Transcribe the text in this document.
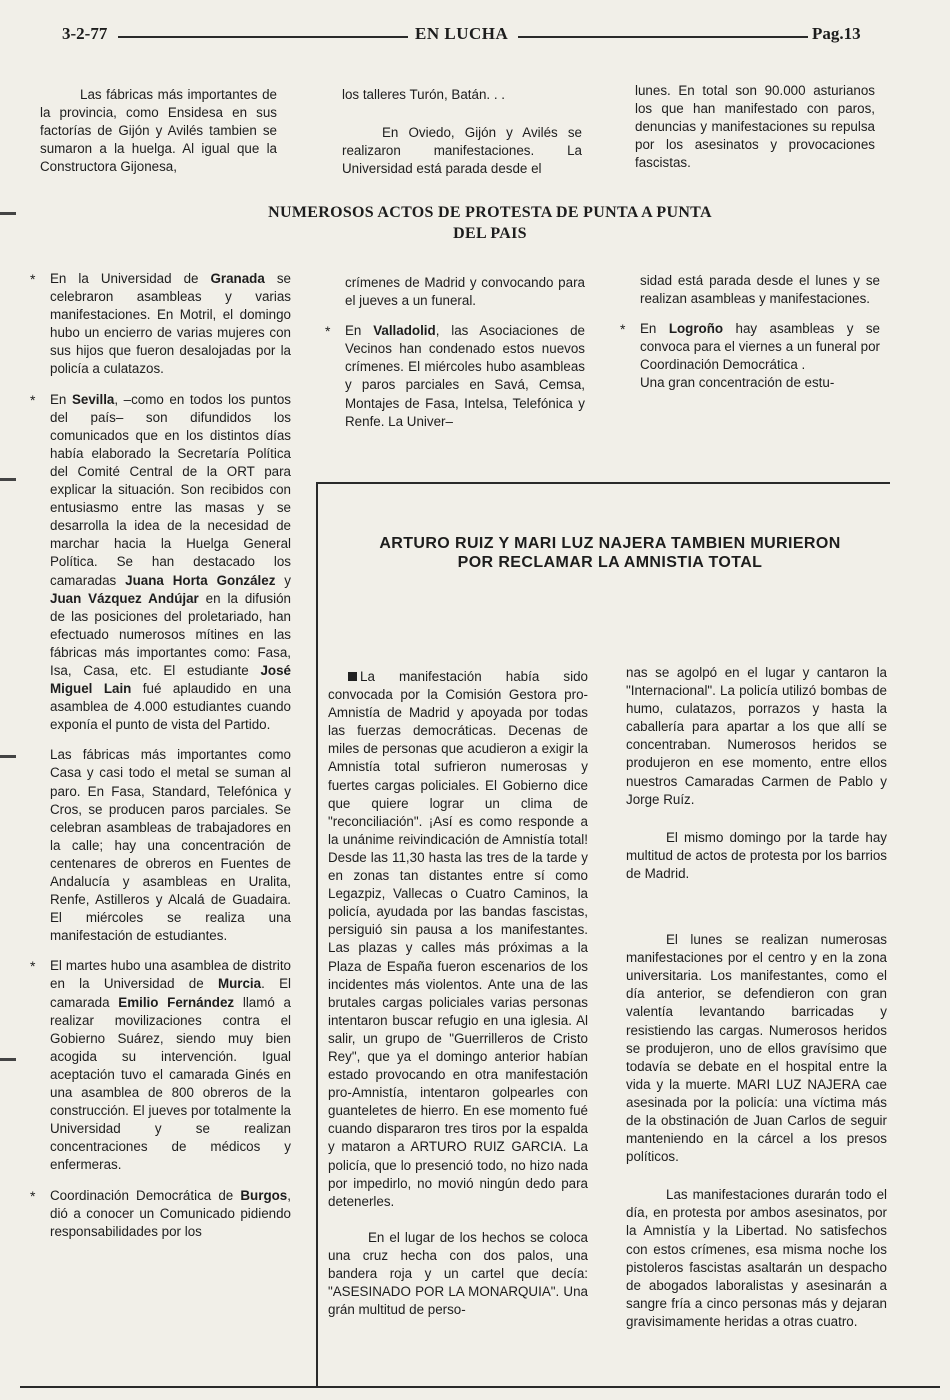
3-2-77	EN LUCHA	Pag.13

Las fábricas más importantes de la provincia, como Ensidesa en sus factorías de Gijón y Avilés tambien se sumaron a la huelga. Al igual que la Constructora Gijonesa,

los talleres Turón, Batán. . .

En Oviedo, Gijón y Avilés se realizaron manifestaciones. La Universidad está parada desde el

lunes. En total son 90.000 asturianos los que han manifestado con paros, denuncias y manifestaciones su repulsa por los asesinatos y provocaciones fascistas.

NUMEROSOS ACTOS DE PROTESTA DE PUNTA A PUNTA
DEL PAIS

* En la Universidad de Granada se celebraron asambleas y varias manifestaciones. En Motril, el domingo hubo un encierro de varias mujeres con sus hijos que fueron desalojadas por la policía a culatazos.

* En Sevilla, –como en todos los puntos del país– son difundidos los comunicados que en los distintos días había elaborado la Secretaría Política del Comité Central de la ORT para explicar la situación. Son recibidos con entusiasmo entre las masas y se desarrolla la idea de la necesidad de marchar hacia la Huelga General Política. Se han destacado los camaradas Juana Horta González y Juan Vázquez Andújar en la difusión de las posiciones del proletariado, han efectuado numerosos mítines en las fábricas más importantes como: Fasa, Isa, Casa, etc. El estudiante José Miguel Lain fué aplaudido en una asamblea de 4.000 estudiantes cuando exponía el punto de vista del Partido.

Las fábricas más importantes como Casa y casi todo el metal se suman al paro. En Fasa, Standard, Telefónica y Cros, se producen paros parciales. Se celebran asambleas de trabajadores en la calle; hay una concentración de centenares de obreros en Fuentes de Andalucía y asambleas en Uralita, Renfe, Astilleros y Alcalá de Guadaira. El miércoles se realiza una manifestación de estudiantes.

* El martes hubo una asamblea de distrito en la Universidad de Murcia. El camarada Emilio Fernández llamó a realizar movilizaciones contra el Gobierno Suárez, siendo muy bien acogida su intervención. Igual aceptación tuvo el camarada Ginés en una asamblea de 800 obreros de la construcción. El jueves por totalmente la Universidad y se realizan concentraciones de médicos y enfermeras.

* Coordinación Democrática de Burgos, dió a conocer un Comunicado pidiendo responsabilidades por los

crímenes de Madrid y convocando para el jueves a un funeral.

* En Valladolid, las Asociaciones de Vecinos han condenado estos nuevos crímenes. El miércoles hubo asambleas y paros parciales en Savá, Cemsa, Montajes de Fasa, Intelsa, Telefónica y Renfe. La Univer–

sidad está parada desde el lunes y se realizan asambleas y manifestaciones.

* En Logroño hay asambleas y se convoca para el viernes a un funeral por Coordinación Democrática .

Una gran concentración de estu-

ARTURO RUIZ Y MARI LUZ NAJERA TAMBIEN MURIERON
POR RECLAMAR LA AMNISTIA TOTAL

La manifestación había sido convocada por la Comisión Gestora pro-Amnistía de Madrid y apoyada por todas las fuerzas democráticas. Decenas de miles de personas que acudieron a exigir la Amnistía total sufrieron numerosas y fuertes cargas policiales. El Gobierno dice que quiere lograr un clima de "reconciliación". ¡Así es como responde a la unánime reivindicación de Amnistía total! Desde las 11,30 hasta las tres de la tarde y en zonas tan distantes entre sí como Legazpiz, Vallecas o Cuatro Caminos, la policía, ayudada por las bandas fascistas, persiguió sin pausa a los manifestantes. Las plazas y calles más próximas a la Plaza de España fueron escenarios de los incidentes más violentos. Ante una de las brutales cargas policiales varias personas intentaron buscar refugio en una iglesia. Al salir, un grupo de "Guerrilleros de Cristo Rey", que ya el domingo anterior habían estado provocando en otra manifestación pro-Amnistía, intentaron golpearles con guanteletes de hierro. En ese momento fué cuando dispararon tres tiros por la espalda y mataron a ARTURO RUIZ GARCIA. La policía, que lo presenció todo, no hizo nada por impedirlo, no movió ningún dedo para detenerles.

En el lugar de los hechos se coloca una cruz hecha con dos palos, una bandera roja y un cartel que decía: "ASESINADO POR LA MONARQUIA". Una grán multitud de perso-

nas se agolpó en el lugar y cantaron la "Internacional". La policía utilizó bombas de humo, culatazos, porrazos y hasta la caballería para apartar a los que allí se concentraban. Numerosos heridos se produjeron en ese momento, entre ellos nuestros Camaradas Carmen de Pablo y Jorge Ruíz.

El mismo domingo por la tarde hay multitud de actos de protesta por los barrios de Madrid.

El lunes se realizan numerosas manifestaciones por el centro y en la zona universitaria. Los manifestantes, como el día anterior, se defendieron con gran valentía levantando barricadas y resistiendo las cargas. Numerosos heridos se produjeron, uno de ellos gravísimo que todavía se debate en el hospital entre la vida y la muerte. MARI LUZ NAJERA cae asesinada por la policía: una víctima más de la obstinación de Juan Carlos de seguir manteniendo en la cárcel a los presos políticos.

Las manifestaciones durarán todo el día, en protesta por ambos asesinatos, por la Amnistía y la Libertad. No satisfechos con estos crímenes, esa misma noche los pistoleros fascistas asaltarán un despacho de abogados laboralistas y asesinarán a sangre fría a cinco personas más y dejaran gravisimamente heridas a otras cuatro.
